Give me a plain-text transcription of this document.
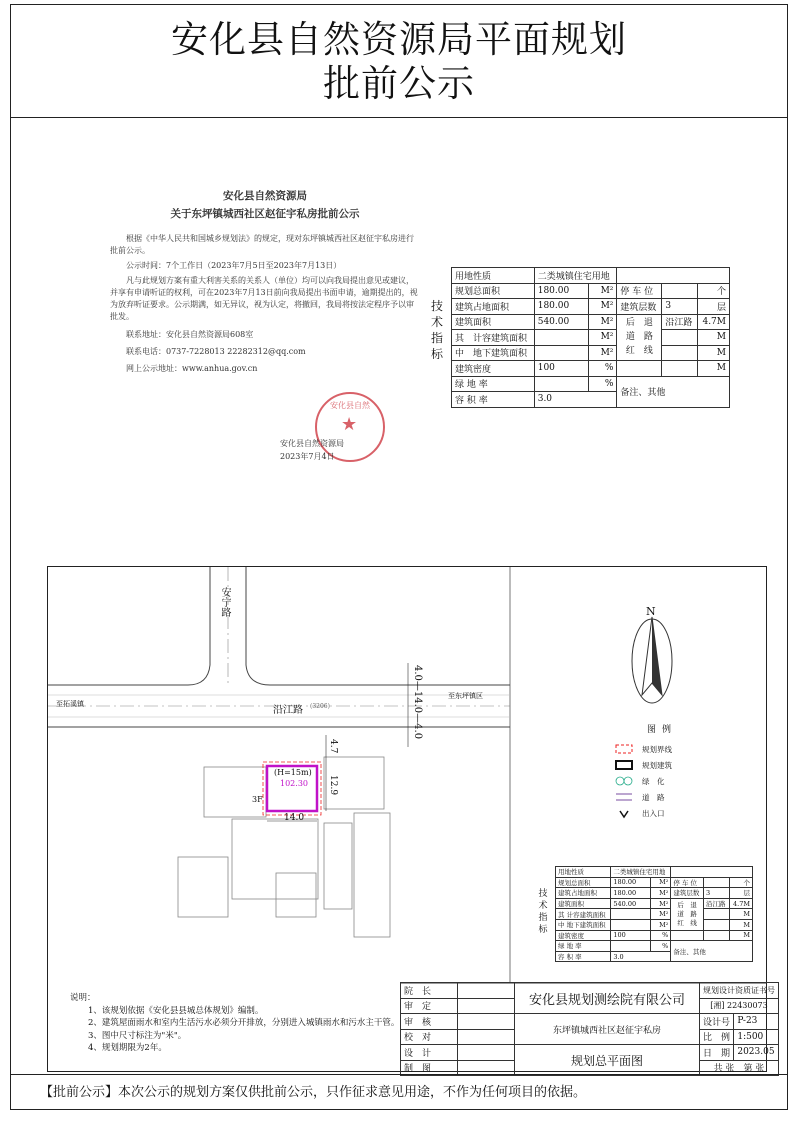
安化县自然资源局平面规划
批前公示
安化县自然资源局
关于东坪镇城西社区赵征宇私房批前公示

根据《中华人民共和国城乡规划法》的规定，现对东坪镇城西社区赵征宇私房进行批前公示。

公示时间：7个工作日（2023年7月5日至2023年7月13日）

凡与此规划方案有重大利害关系的关系人（单位）均可以向我局提出意见或建议，并享有申请听证的权利，可在2023年7月13日前向我局提出书面申请，逾期提出的，视为放弃听证要求。公示期满，如无异议，视为认定，将撤回，我局将按法定程序予以审批发。

联系地址：安化县自然资源局608室
联系电话：0737-7228013 2228231​2@qq.com
网上公示地址：www.anhua.gov.cn
安化县自然
★
安化县自然资源局
2023年7月4日
技术指标
用地性质	二类城镇住宅用地				
规划总面积	180.00	M²	停 车 位		个
建筑占地面积	180.00	M²	建筑层数	3	层
建筑面积	540.00	M²	后　退
道　路
红　线	沿江路	4.7M
其　 计容建筑面积		M²			M
中　 地下建筑面积		M²			M
建筑密度	100	%			M
绿 地 率		%	备注、其他		
容 积 率	3.0				
沿江路 (3206)
安宁路
至拓溪镇
至东坪镇区
4.0—14.0—4.0
4.7
12.9
14.0
(H=15m)
102.30
3F
N
图例
规划界线
规划建筑
绿　化
道　路
出入口
技术指标
用地性质	二类城镇住宅用地				
规划总面积	180.00	M²	停 车 位		个
建筑占地面积	180.00	M²	建筑层数	3	层
建筑面积	540.00	M²	后　退
道　路
红　线	沿江路	4.7M
其 计容建筑面积		M²			M
中 地下建筑面积		M²			M
建筑密度	100	%			M
绿 地 率		%	备注、其他		
容 积 率	3.0				
说明：
1、该规划依据《安化县县城总体规划》编制。
2、建筑屋面雨水和室内生活污水必须分开排放，分别进入城镇雨水和污水主干管。
3、图中尺寸标注为"米"。
4、规划期限为2年。
院　长		安化县规划测绘院有限公司	规划设计资质证书号	
审　定			[湘] 22430073	
审　核		东坪镇城西社区赵征宇私房	设计号	P-23
校　对			比　例	1:500
设　计		规划总平面图	日　期	2023.05
制　图			共 张　第 张	
【批前公示】本次公示的规划方案仅供批前公示，只作征求意见用途，不作为任何项目的依据。
